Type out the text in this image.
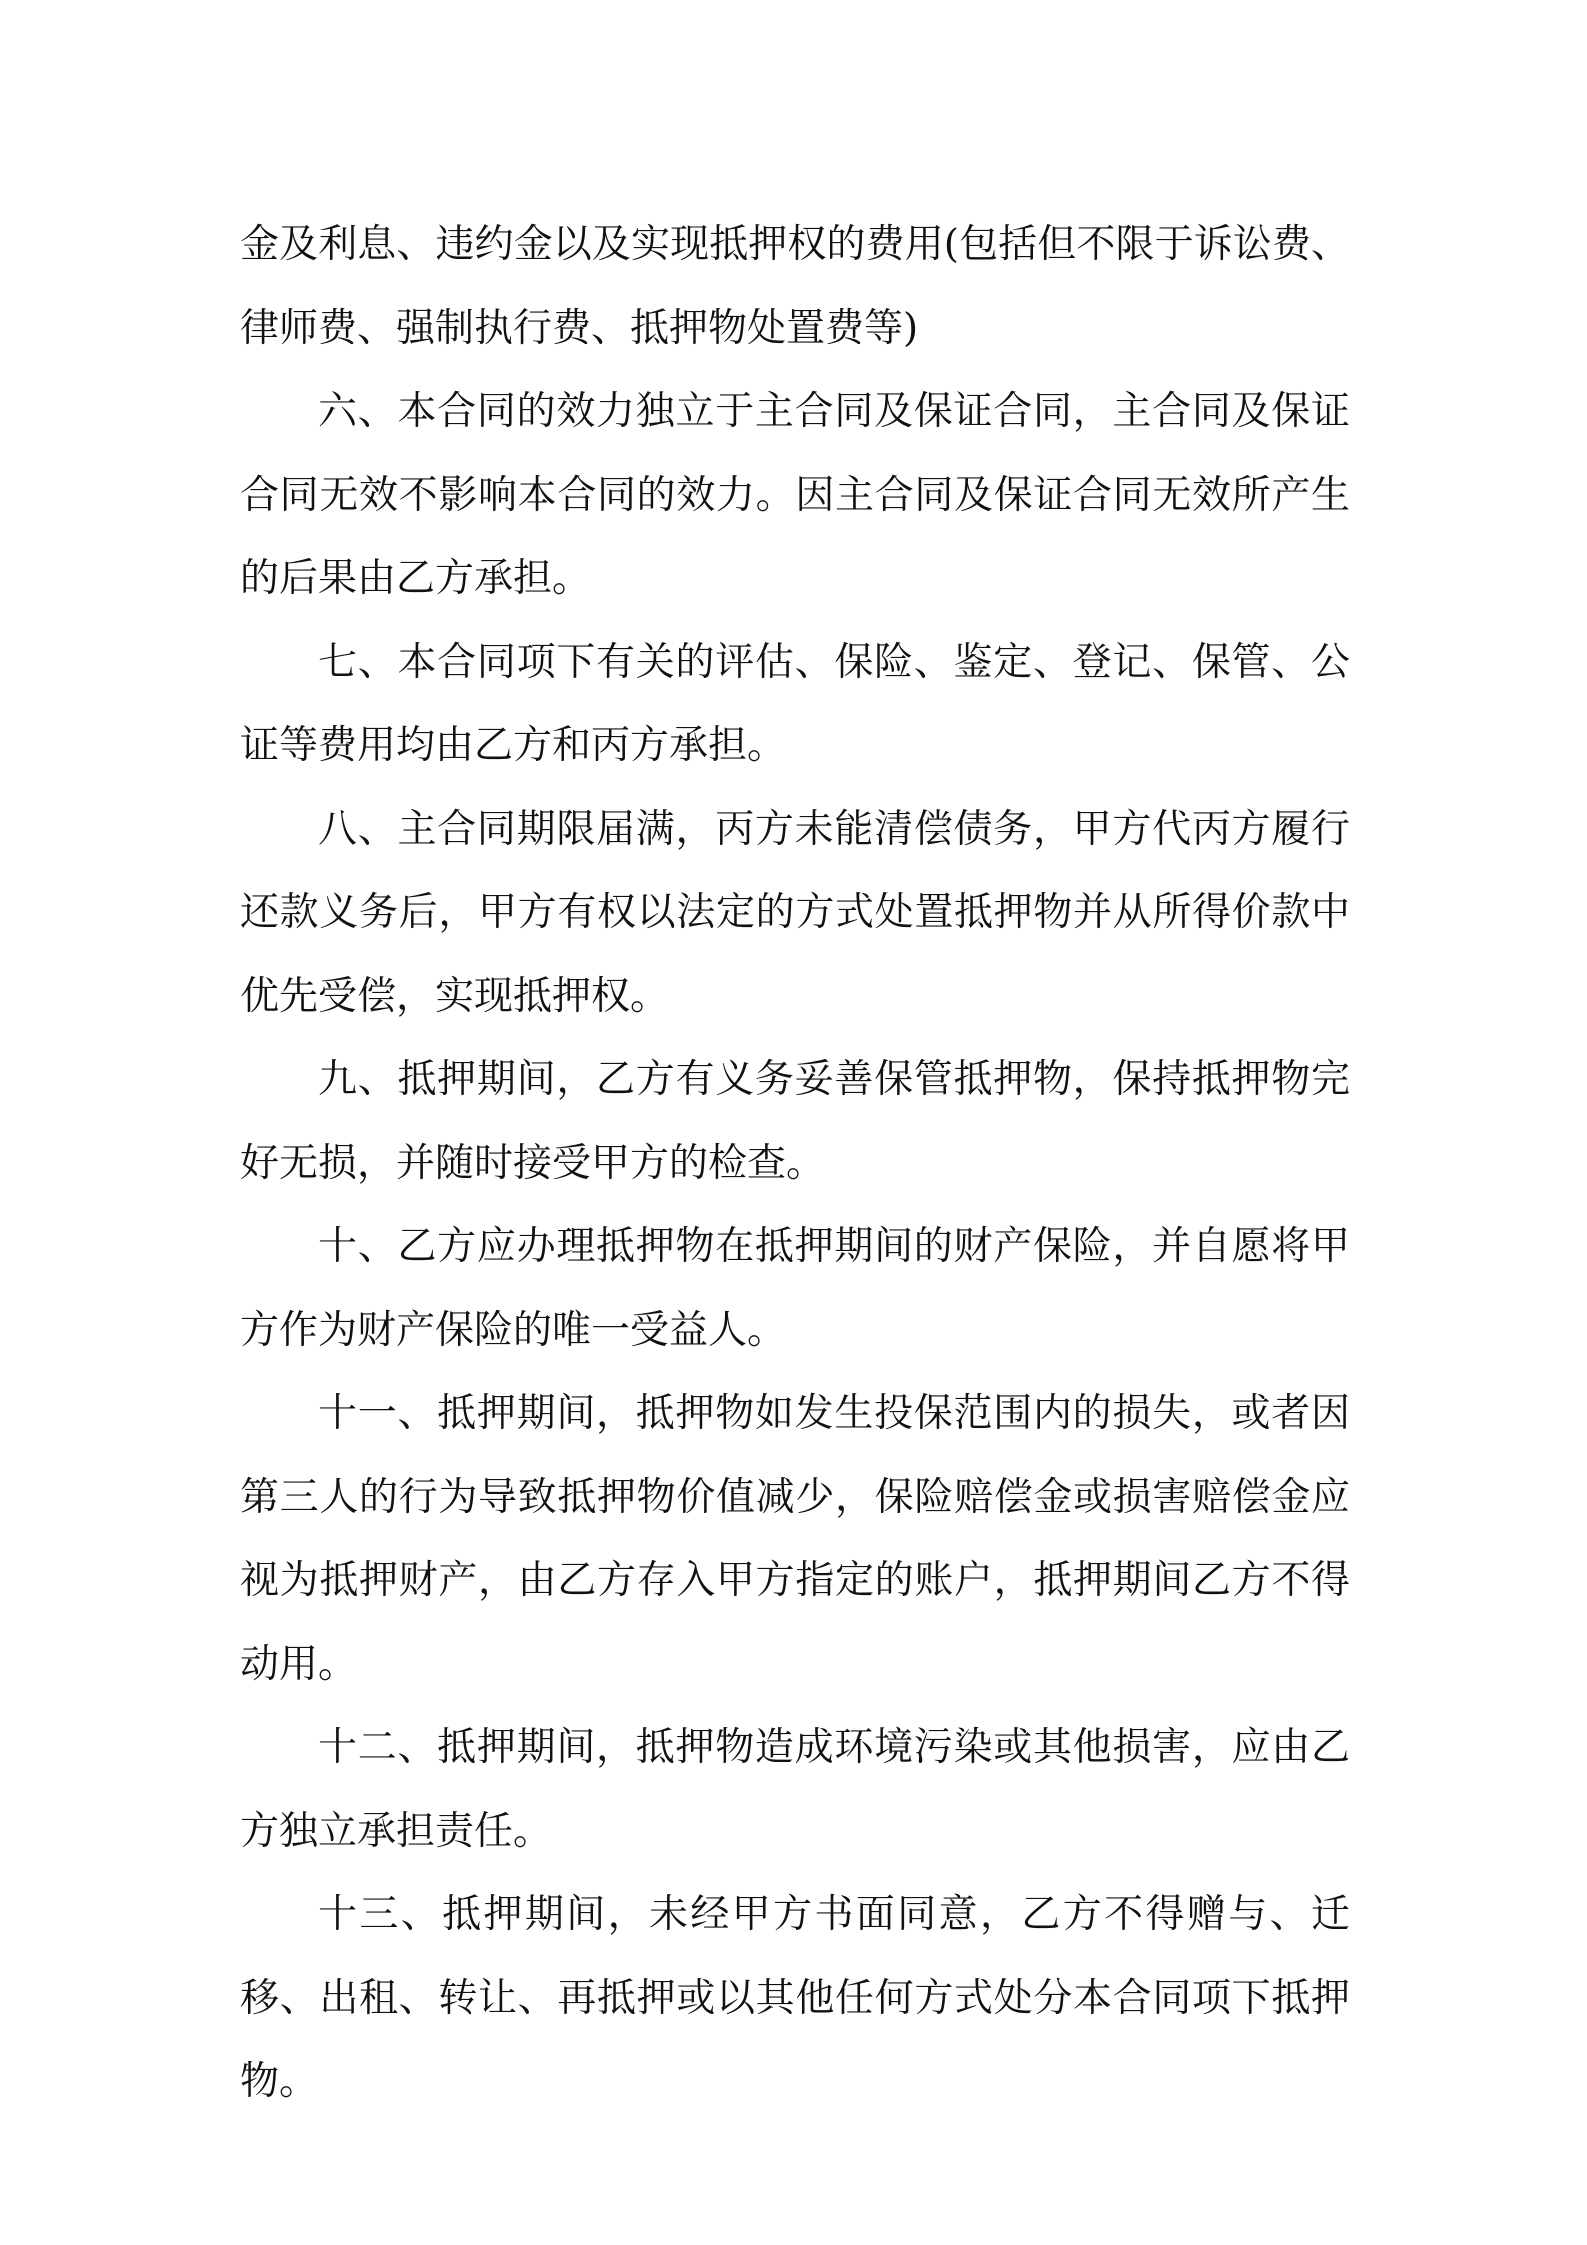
金及利息、违约金以及实现抵押权的费用(包括但不限于诉讼费、律师费、强制执行费、抵押物处置费等)

六、本合同的效力独立于主合同及保证合同，主合同及保证合同无效不影响本合同的效力。因主合同及保证合同无效所产生的后果由乙方承担。

七、本合同项下有关的评估、保险、鉴定、登记、保管、公证等费用均由乙方和丙方承担。

八、主合同期限届满，丙方未能清偿债务，甲方代丙方履行还款义务后，甲方有权以法定的方式处置抵押物并从所得价款中优先受偿，实现抵押权。

九、抵押期间，乙方有义务妥善保管抵押物，保持抵押物完好无损，并随时接受甲方的检查。

十、乙方应办理抵押物在抵押期间的财产保险，并自愿将甲方作为财产保险的唯一受益人。

十一、抵押期间，抵押物如发生投保范围内的损失，或者因第三人的行为导致抵押物价值减少，保险赔偿金或损害赔偿金应视为抵押财产，由乙方存入甲方指定的账户，抵押期间乙方不得动用。

十二、抵押期间，抵押物造成环境污染或其他损害，应由乙方独立承担责任。

十三、抵押期间，未经甲方书面同意，乙方不得赠与、迁移、出租、转让、再抵押或以其他任何方式处分本合同项下抵押物。
